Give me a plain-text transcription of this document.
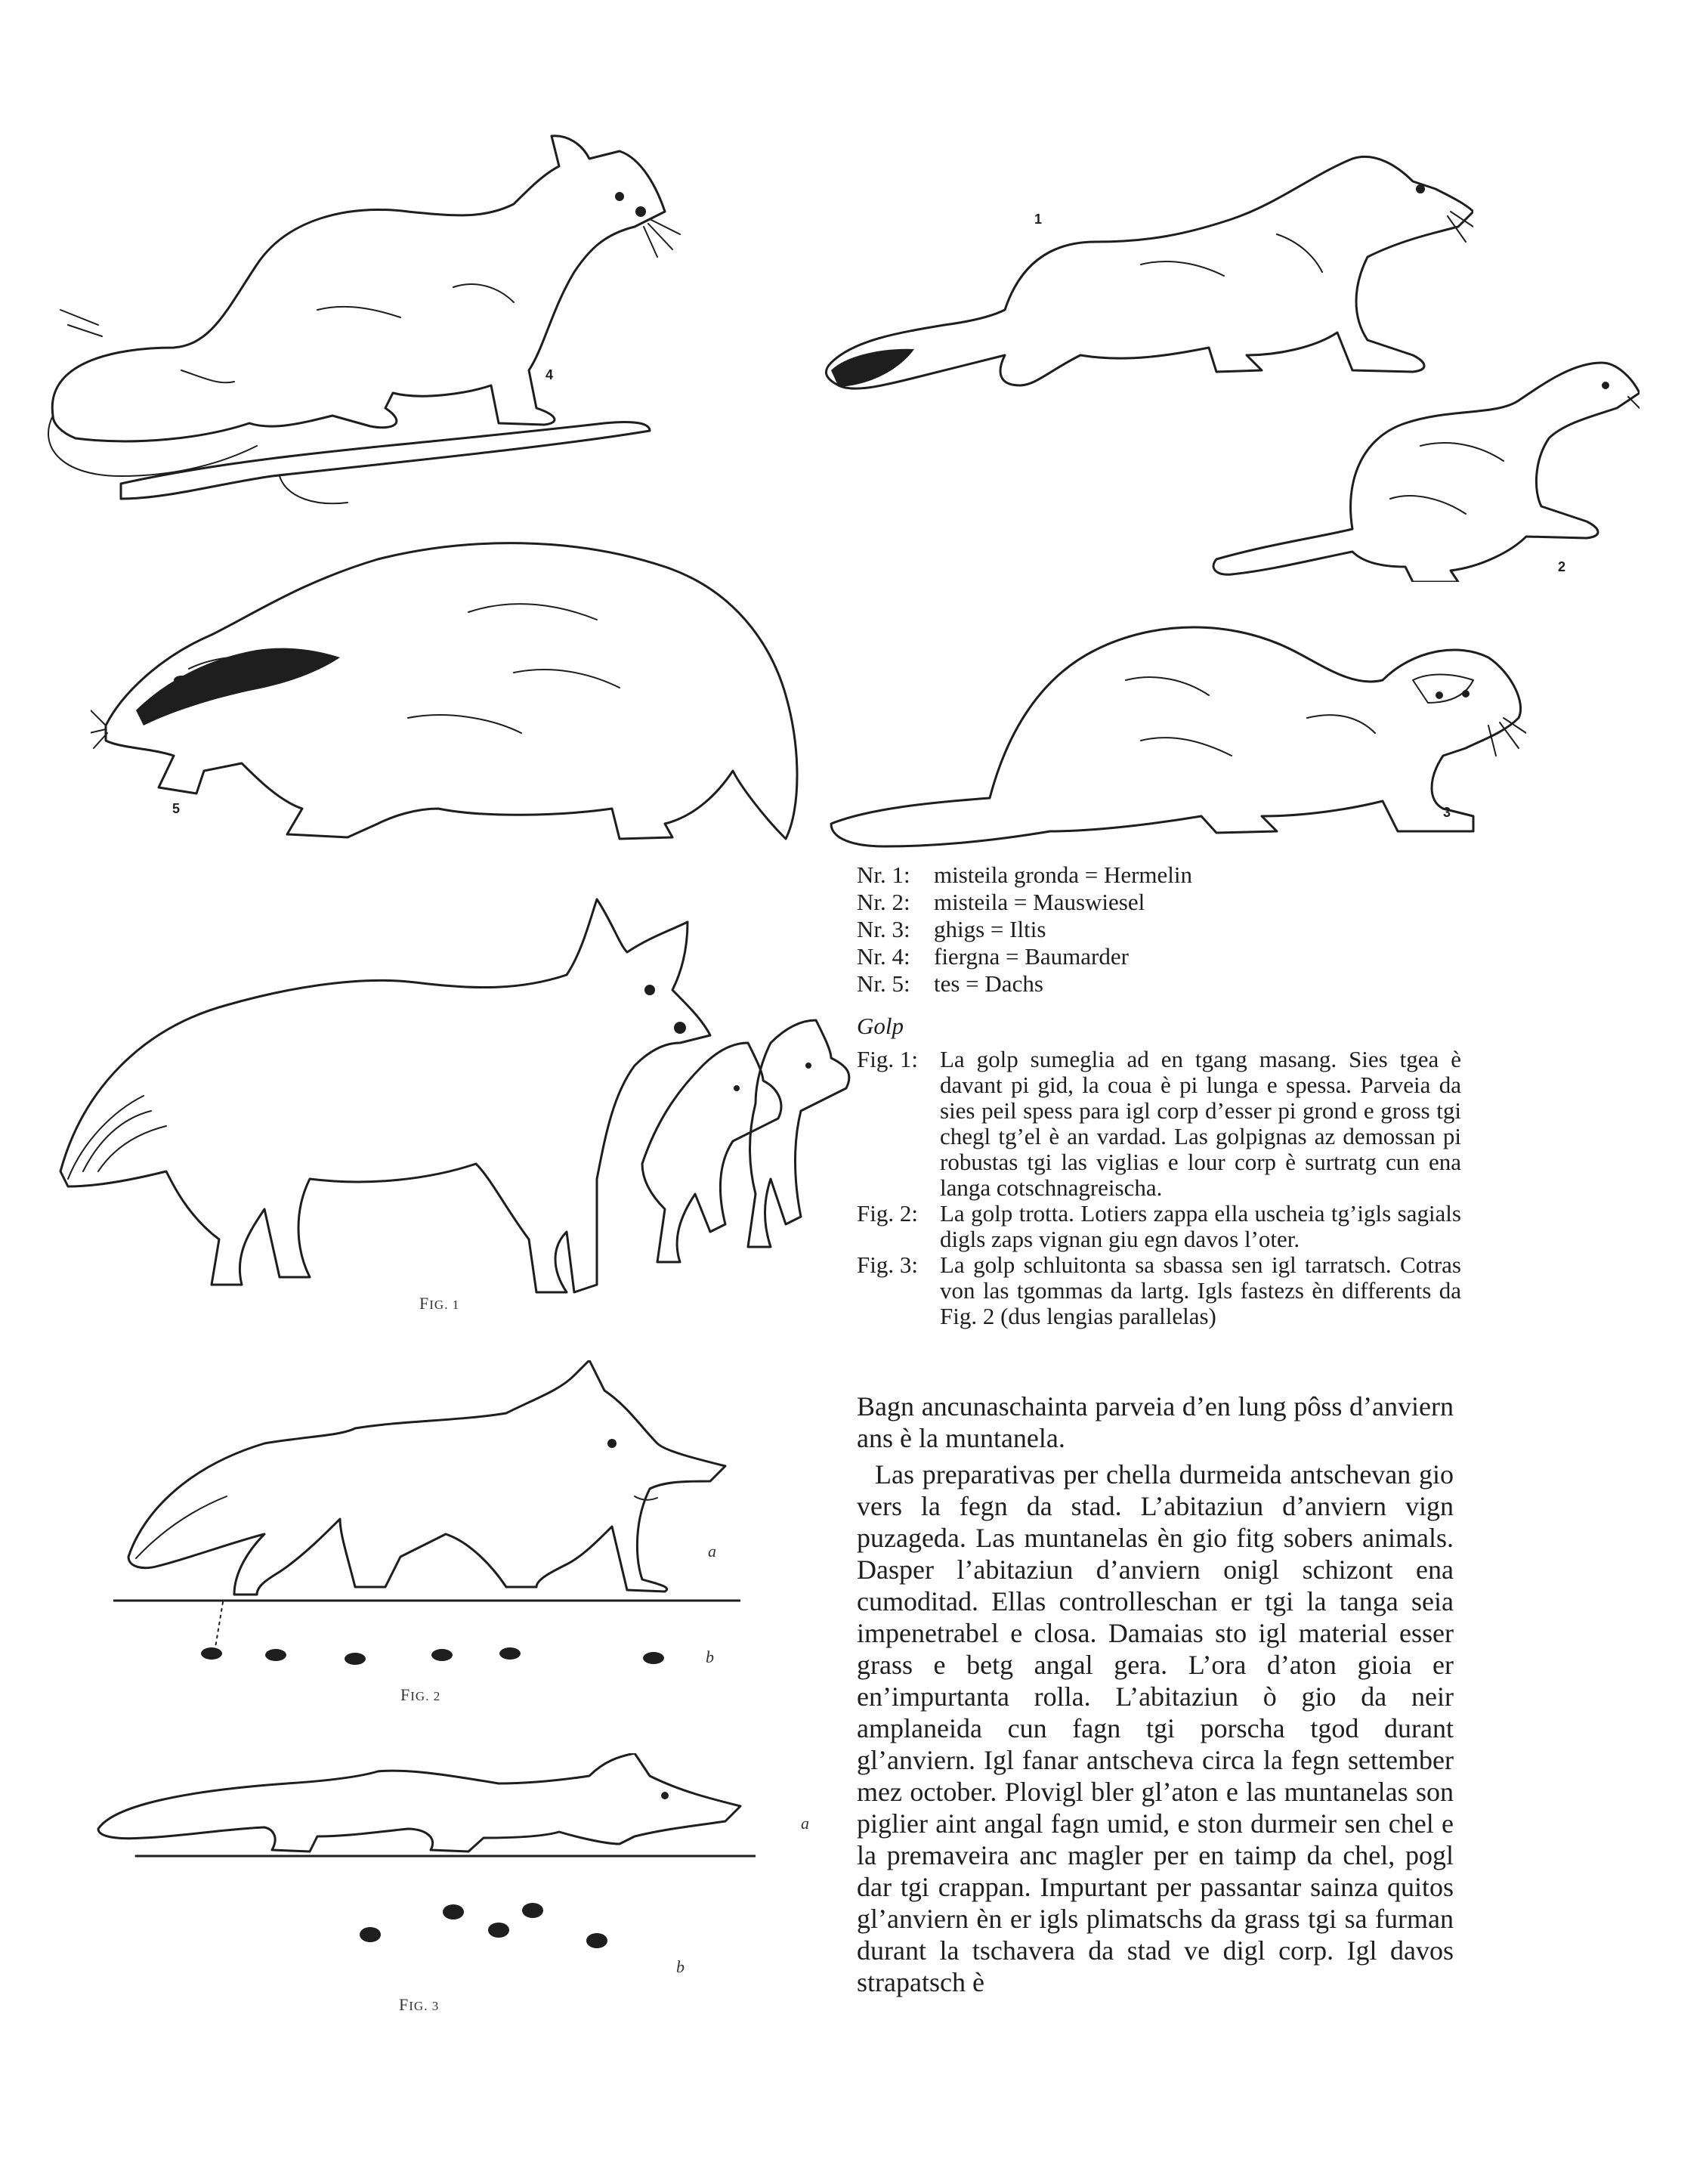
4
5
1
2
3
FIG. 1
a
b
FIG. 2
a
b
FIG. 3
Nr. 1: misteila gronda = Hermelin
Nr. 2: misteila = Mauswiesel
Nr. 3: ghigs = Iltis
Nr. 4: fiergna = Baumarder
Nr. 5: tes = Dachs
Golp
Fig. 1: La golp sumeglia ad en tgang masang. Sies tgea è davant pi gid, la coua è pi lunga e spessa. Parveia da sies peil spess para igl corp d’esser pi grond e gross tgi chegl tg’el è an vardad. Las golpignas az demossan pi robustas tgi las viglias e lour corp è surtratg cun ena langa cotschnagreischa.
Fig. 2: La golp trotta. Lotiers zappa ella uscheia tg’igls sagials digls zaps vignan giu egn davos l’oter.
Fig. 3: La golp schluitonta sa sbassa sen igl tarratsch. Cotras von las tgommas da lartg. Igls fastezs èn differents da Fig. 2 (dus lengias parallelas)

Bagn ancunaschainta parveia d’en lung pôss d’anviern ans è la muntanela.

Las preparativas per chella durmeida antschevan gio vers la fegn da stad. L’abitaziun d’anviern vign puzageda. Las muntanelas èn gio fitg sobers animals. Dasper l’abitaziun d’anviern onigl schizont ena cumoditad. Ellas controlleschan er tgi la tanga seia impenetrabel e closa. Damaias sto igl material esser grass e betg angal gera. L’ora d’aton gioia er en’impurtanta rolla. L’abitaziun ò gio da neir amplaneida cun fagn tgi porscha tgod durant gl’anviern. Igl fanar antscheva circa la fegn settember mez october. Plovigl bler gl’aton e las muntanelas son piglier aint angal fagn umid, e ston durmeir sen chel e la premaveira anc magler per en taimp da chel, pogl dar tgi crappan. Impurtant per passantar sainza quitos gl’anviern èn er igls plimatschs da grass tgi sa furman durant la tschavera da stad ve digl corp. Igl davos strapatsch è
